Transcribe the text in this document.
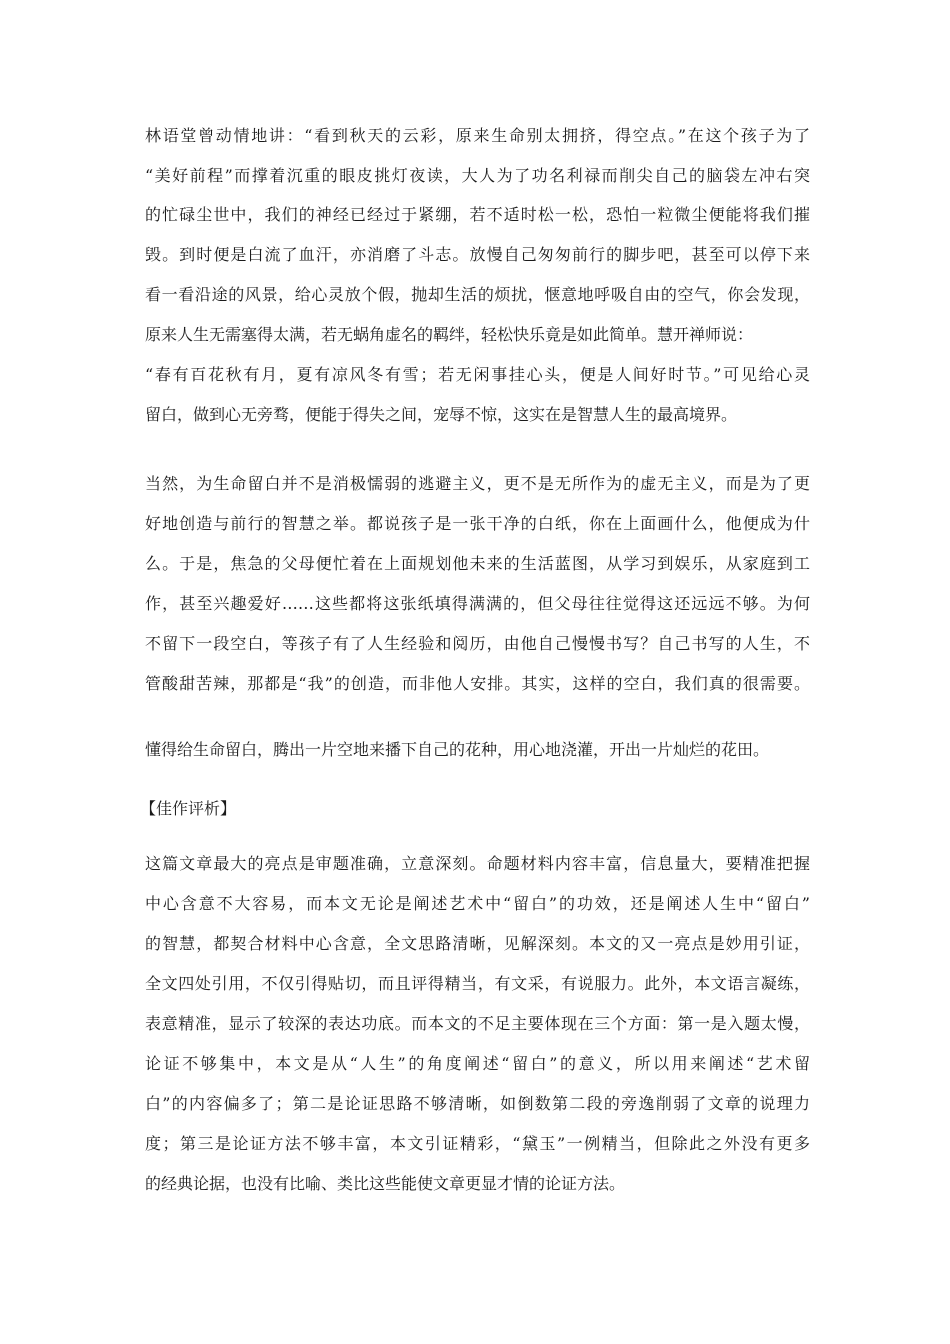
林语堂曾动情地讲：“看到秋天的云彩，原来生命别太拥挤，得空点。”在这个孩子为了
“美好前程”而撑着沉重的眼皮挑灯夜读，大人为了功名利禄而削尖自己的脑袋左冲右突
的忙碌尘世中，我们的神经已经过于紧绷，若不适时松一松，恐怕一粒微尘便能将我们摧
毁。到时便是白流了血汗，亦消磨了斗志。放慢自己匆匆前行的脚步吧，甚至可以停下来
看一看沿途的风景，给心灵放个假，抛却生活的烦扰，惬意地呼吸自由的空气，你会发现，
原来人生无需塞得太满，若无蜗角虚名的羁绊，轻松快乐竟是如此简单。慧开禅师说：
“春有百花秋有月，夏有凉风冬有雪；若无闲事挂心头，便是人间好时节。”可见给心灵
留白，做到心无旁骛，便能于得失之间，宠辱不惊，这实在是智慧人生的最高境界。
当然，为生命留白并不是消极懦弱的逃避主义，更不是无所作为的虚无主义，而是为了更
好地创造与前行的智慧之举。都说孩子是一张干净的白纸，你在上面画什么，他便成为什
么。于是，焦急的父母便忙着在上面规划他未来的生活蓝图，从学习到娱乐，从家庭到工
作，甚至兴趣爱好……这些都将这张纸填得满满的，但父母往往觉得这还远远不够。为何
不留下一段空白，等孩子有了人生经验和阅历，由他自己慢慢书写？自己书写的人生，不
管酸甜苦辣，那都是“我”的创造，而非他人安排。其实，这样的空白，我们真的很需要。
懂得给生命留白，腾出一片空地来播下自己的花种，用心地浇灌，开出一片灿烂的花田。
【佳作评析】
这篇文章最大的亮点是审题准确，立意深刻。命题材料内容丰富，信息量大，要精准把握
中心含意不大容易，而本文无论是阐述艺术中“留白”的功效，还是阐述人生中“留白”
的智慧，都契合材料中心含意，全文思路清晰，见解深刻。本文的又一亮点是妙用引证，
全文四处引用，不仅引得贴切，而且评得精当，有文采，有说服力。此外，本文语言凝练，
表意精准，显示了较深的表达功底。而本文的不足主要体现在三个方面：第一是入题太慢，
论证不够集中，本文是从“人生”的角度阐述“留白”的意义，所以用来阐述“艺术留
白”的内容偏多了；第二是论证思路不够清晰，如倒数第二段的旁逸削弱了文章的说理力
度；第三是论证方法不够丰富，本文引证精彩，“黛玉”一例精当，但除此之外没有更多
的经典论据，也没有比喻、类比这些能使文章更显才情的论证方法。
